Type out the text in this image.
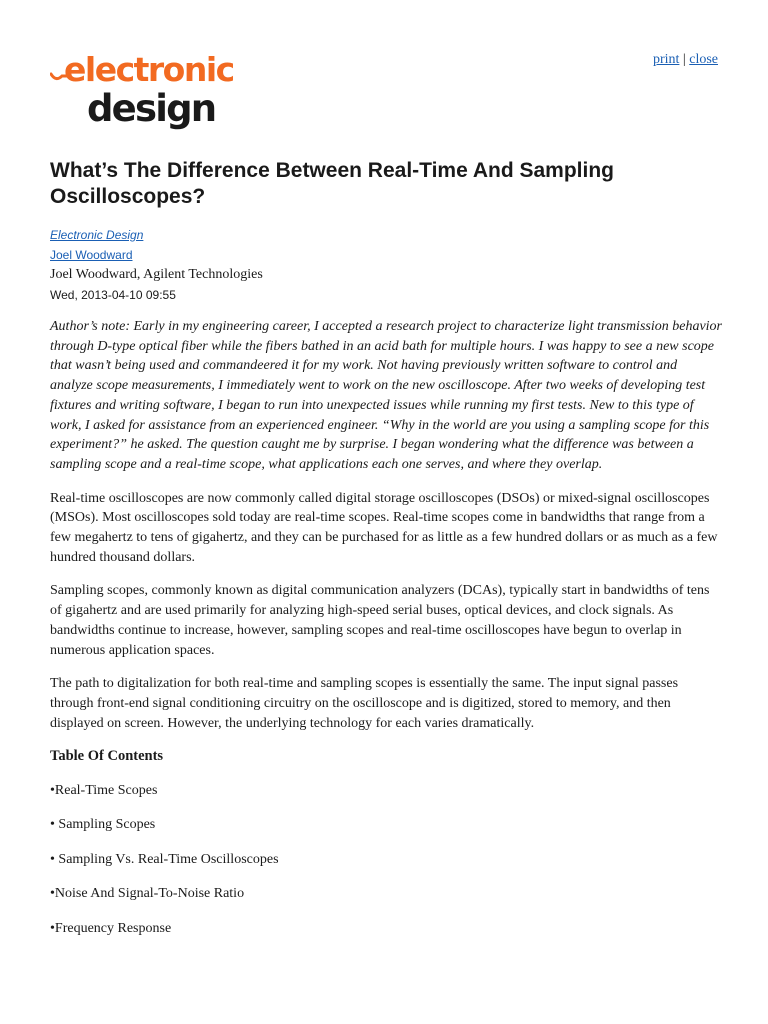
electronic
design
print | close
What’s The Difference Between Real-Time And Sampling Oscilloscopes?
Electronic Design
Joel Woodward
Joel Woodward, Agilent Technologies
Wed, 2013-04-10 09:55

Author’s note: Early in my engineering career, I accepted a research project to characterize light transmission behavior through D-type optical fiber while the fibers bathed in an acid bath for multiple hours. I was happy to see a new scope that wasn’t being used and commandeered it for my work. Not having previously written software to control and analyze scope measurements, I immediately went to work on the new oscilloscope. After two weeks of developing test fixtures and writing software, I began to run into unexpected issues while running my first tests. New to this type of work, I asked for assistance from an experienced engineer. “Why in the world are you using a sampling scope for this experiment?” he asked. The question caught me by surprise. I began wondering what the difference was between a sampling scope and a real-time scope, what applications each one serves, and where they overlap.

Real-time oscilloscopes are now commonly called digital storage oscilloscopes (DSOs) or mixed-signal oscilloscopes (MSOs). Most oscilloscopes sold today are real-time scopes. Real-time scopes come in bandwidths that range from a few megahertz to tens of gigahertz, and they can be purchased for as little as a few hundred dollars or as much as a few hundred thousand dollars.

Sampling scopes, commonly known as digital communication analyzers (DCAs), typically start in bandwidths of tens of gigahertz and are used primarily for analyzing high-speed serial buses, optical devices, and clock signals. As bandwidths continue to increase, however, sampling scopes and real-time oscilloscopes have begun to overlap in numerous application spaces.

The path to digitalization for both real-time and sampling scopes is essentially the same. The input signal passes through front-end signal conditioning circuitry on the oscilloscope and is digitized, stored to memory, and then displayed on screen. However, the underlying technology for each varies dramatically.

Table Of Contents
•Real-Time Scopes
• Sampling Scopes
• Sampling Vs. Real-Time Oscilloscopes
•Noise And Signal-To-Noise Ratio
•Frequency Response
